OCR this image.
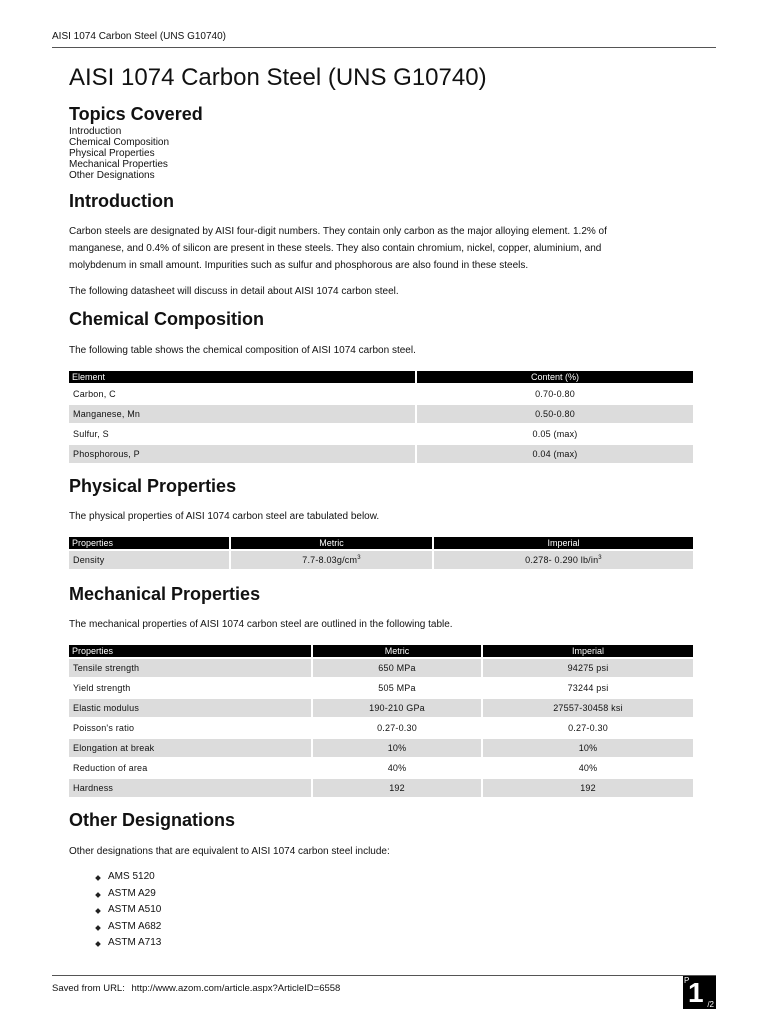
AISI 1074 Carbon Steel (UNS G10740)
AISI 1074 Carbon Steel (UNS G10740)
Topics Covered
Introduction
Chemical Composition
Physical Properties
Mechanical Properties
Other Designations
Introduction

Carbon steels are designated by AISI four-digit numbers. They contain only carbon as the major alloying element. 1.2% of manganese, and 0.4% of silicon are present in these steels. They also contain chromium, nickel, copper, aluminium, and molybdenum in small amount. Impurities such as sulfur and phosphorous are also found in these steels.

The following datasheet will discuss in detail about AISI 1074 carbon steel.

Chemical Composition

The following table shows the chemical composition of AISI 1074 carbon steel.

Element	Content (%)
Carbon, C	0.70-0.80
Manganese, Mn	0.50-0.80
Sulfur, S	0.05 (max)
Phosphorous, P	0.04 (max)
Physical Properties

The physical properties of AISI 1074 carbon steel are tabulated below.

Properties	Metric	Imperial
Density	$7.7-8.03g/cm^3$	0.278- 0.290 $lb/in^3$
Mechanical Properties

The mechanical properties of AISI 1074 carbon steel are outlined in the following table.

Properties	Metric	Imperial
Tensile strength	650 MPa	94275 psi
Yield strength	505 MPa	73244 psi
Elastic modulus	190-210 GPa	27557-30458 ksi
Poisson's ratio	0.27-0.30	0.27-0.30
Elongation at break	10%	10%
Reduction of area	40%	40%
Hardness	192	192
Other Designations

Other designations that are equivalent to AISI 1074 carbon steel include:

AMS 5120
ASTM A29
ASTM A510
ASTM A682
ASTM A713
Saved from URL: http://www.azom.com/article.aspx?ArticleID=6558
P
1 /2
